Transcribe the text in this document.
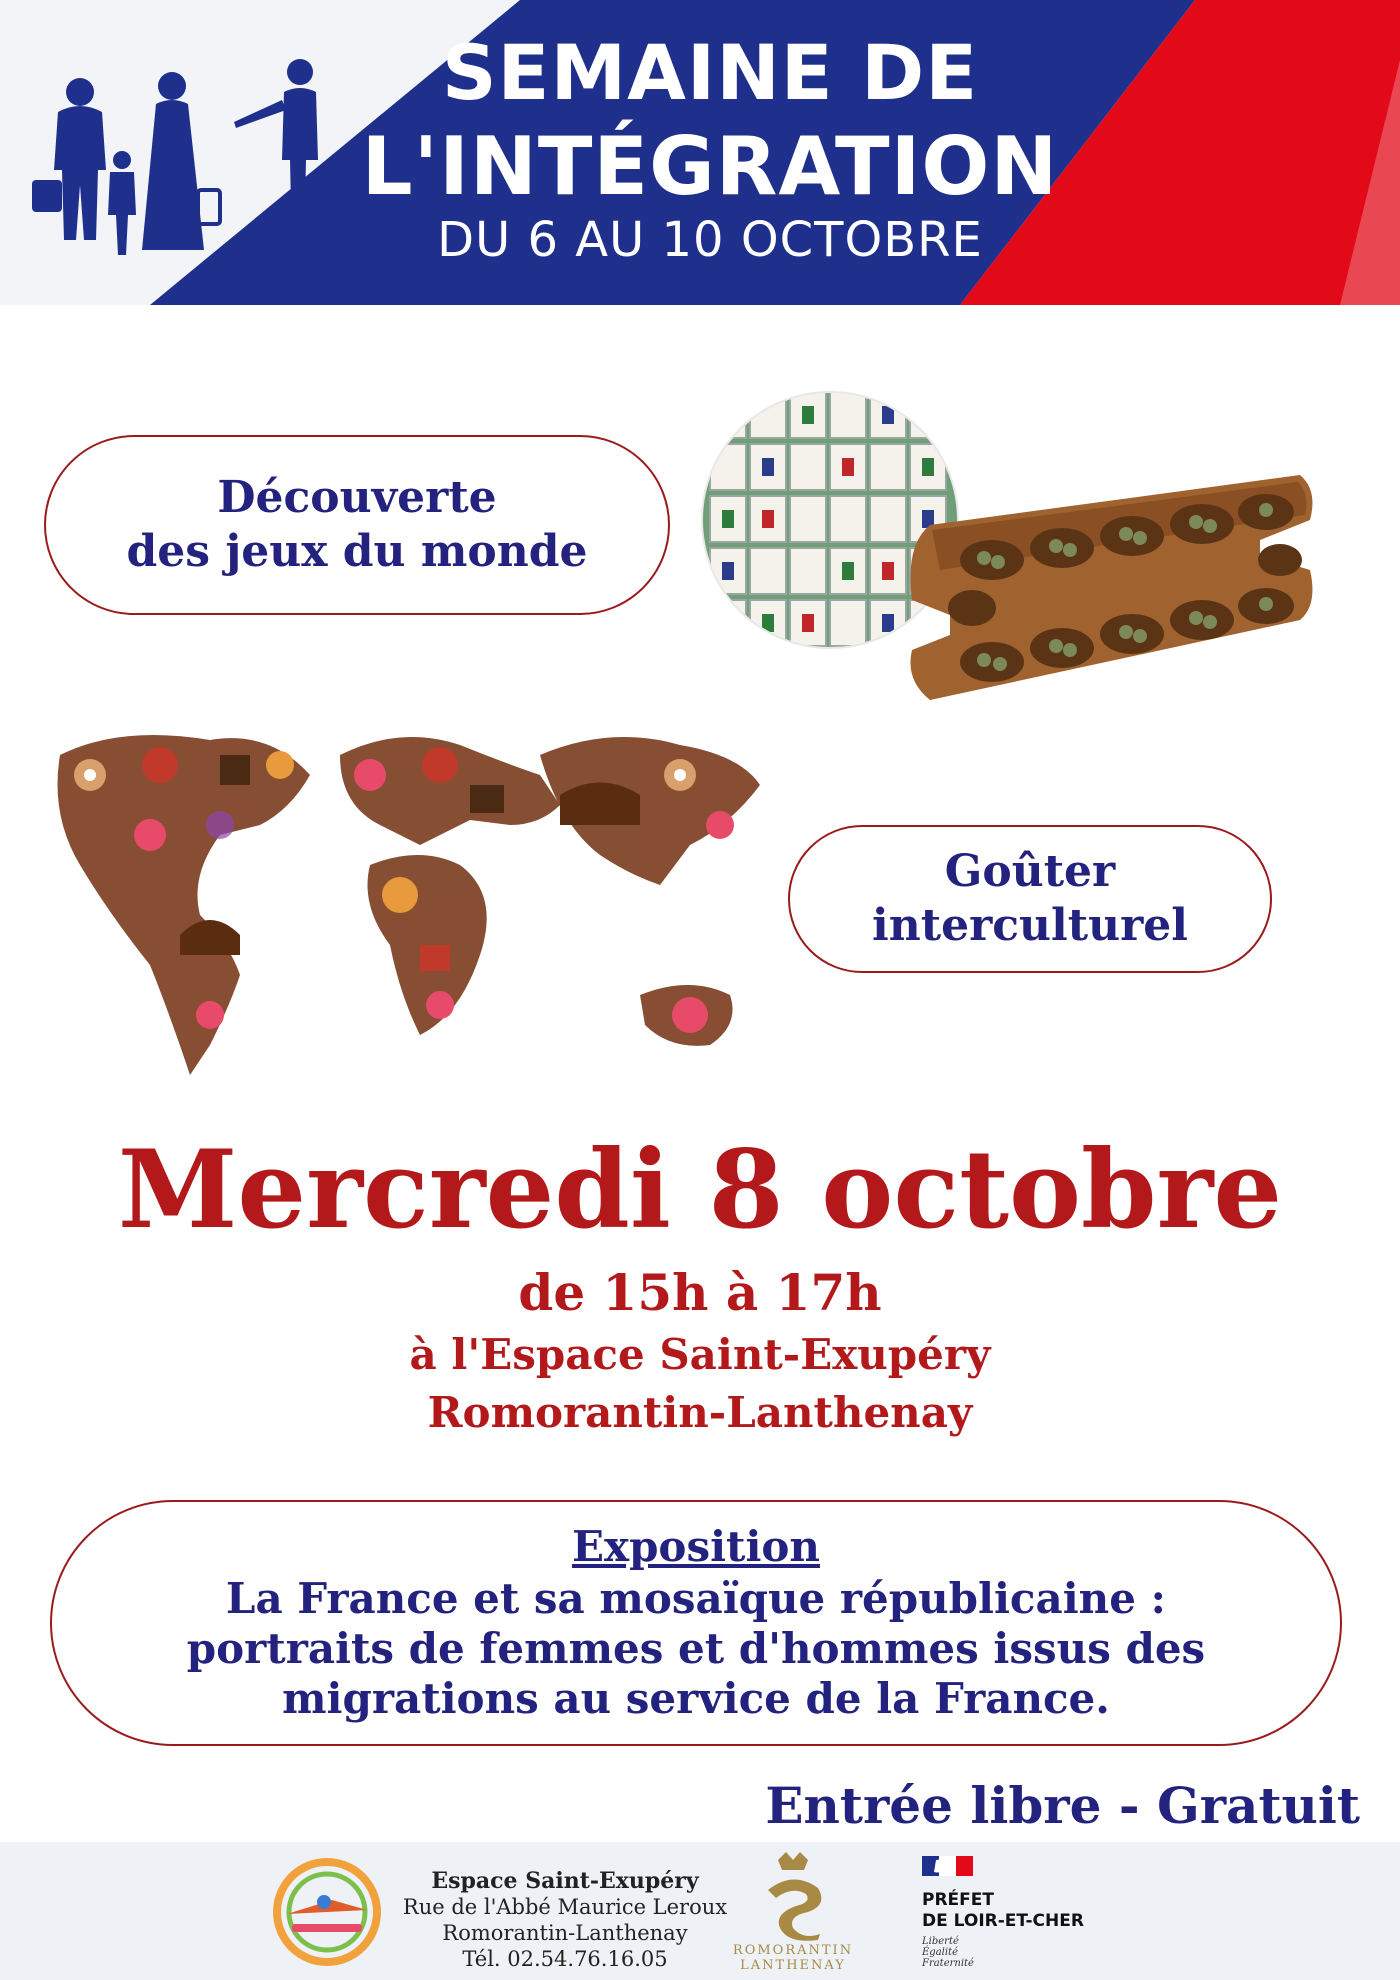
SEMAINE DE
L'INTÉGRATION
DU 6 AU 10 OCTOBRE
Découverte
des jeux du monde
Goûter
interculturel
Mercredi 8 octobre
de 15h à 17h
à l'Espace Saint-Exupéry
Romorantin-Lanthenay
Exposition
La France et sa mosaïque républicaine :
portraits de femmes et d'hommes issus des
migrations au service de la France.
Entrée libre - Gratuit
Espace Saint-Exupéry
Rue de l'Abbé Maurice Leroux
Romorantin-Lanthenay
Tél. 02.54.76.16.05	ROMORANTIN
LANTHENAY
PRÉFET
DE LOIR-ET-CHER
Liberté
Égalité
Fraternité
